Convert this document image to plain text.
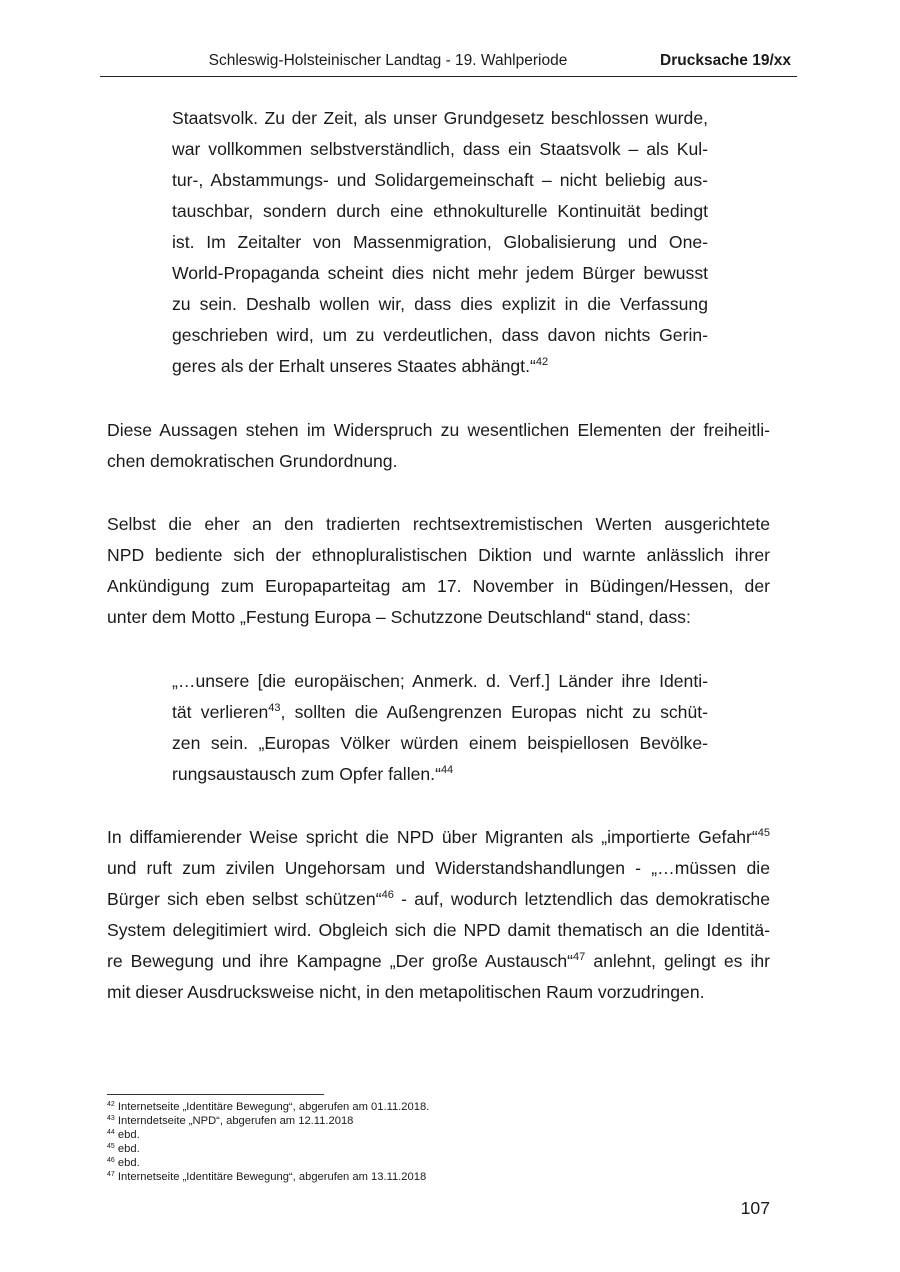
Schleswig-Holsteinischer Landtag - 19. Wahlperiode	Drucksache 19/xx
Staatsvolk. Zu der Zeit, als unser Grundgesetz beschlossen wurde,
war vollkommen selbstverständlich, dass ein Staatsvolk – als Kul-
tur-, Abstammungs- und Solidargemeinschaft – nicht beliebig aus-
tauschbar, sondern durch eine ethnokulturelle Kontinuität bedingt
ist. Im Zeitalter von Massenmigration, Globalisierung und One-
World-Propaganda scheint dies nicht mehr jedem Bürger bewusst
zu sein. Deshalb wollen wir, dass dies explizit in die Verfassung
geschrieben wird, um zu verdeutlichen, dass davon nichts Gerin-
geres als der Erhalt unseres Staates abhängt.“$^{42}$
Diese Aussagen stehen im Widerspruch zu wesentlichen Elementen der freiheitli-
chen demokratischen Grundordnung.
Selbst die eher an den tradierten rechtsextremistischen Werten ausgerichtete
NPD bediente sich der ethnopluralistischen Diktion und warnte anlässlich ihrer
Ankündigung zum Europaparteitag am 17. November in Büdingen/Hessen, der
unter dem Motto „Festung Europa – Schutzzone Deutschland“ stand, dass:
„…unsere [die europäischen; Anmerk. d. Verf.] Länder ihre Identi-
tät verlieren$^{43}$, sollten die Außengrenzen Europas nicht zu schüt-
zen sein. „Europas Völker würden einem beispiellosen Bevölke-
rungsaustausch zum Opfer fallen.“$^{44}$
In diffamierender Weise spricht die NPD über Migranten als „importierte Gefahr“$^{45}$
und ruft zum zivilen Ungehorsam und Widerstandshandlungen - „…müssen die
Bürger sich eben selbst schützen“$^{46}$ - auf, wodurch letztendlich das demokratische
System delegitimiert wird. Obgleich sich die NPD damit thematisch an die Identitä-
re Bewegung und ihre Kampagne „Der große Austausch“$^{47}$ anlehnt, gelingt es ihr
mit dieser Ausdrucksweise nicht, in den metapolitischen Raum vorzudringen.
$^{42}$ Internetseite „Identitäre Bewegung“, abgerufen am 01.11.2018.
$^{43}$ Interndetseite „NPD“, abgerufen am 12.11.2018
$^{44}$ ebd.
$^{45}$ ebd.
$^{46}$ ebd.
$^{47}$ Internetseite „Identitäre Bewegung“, abgerufen am 13.11.2018
107
